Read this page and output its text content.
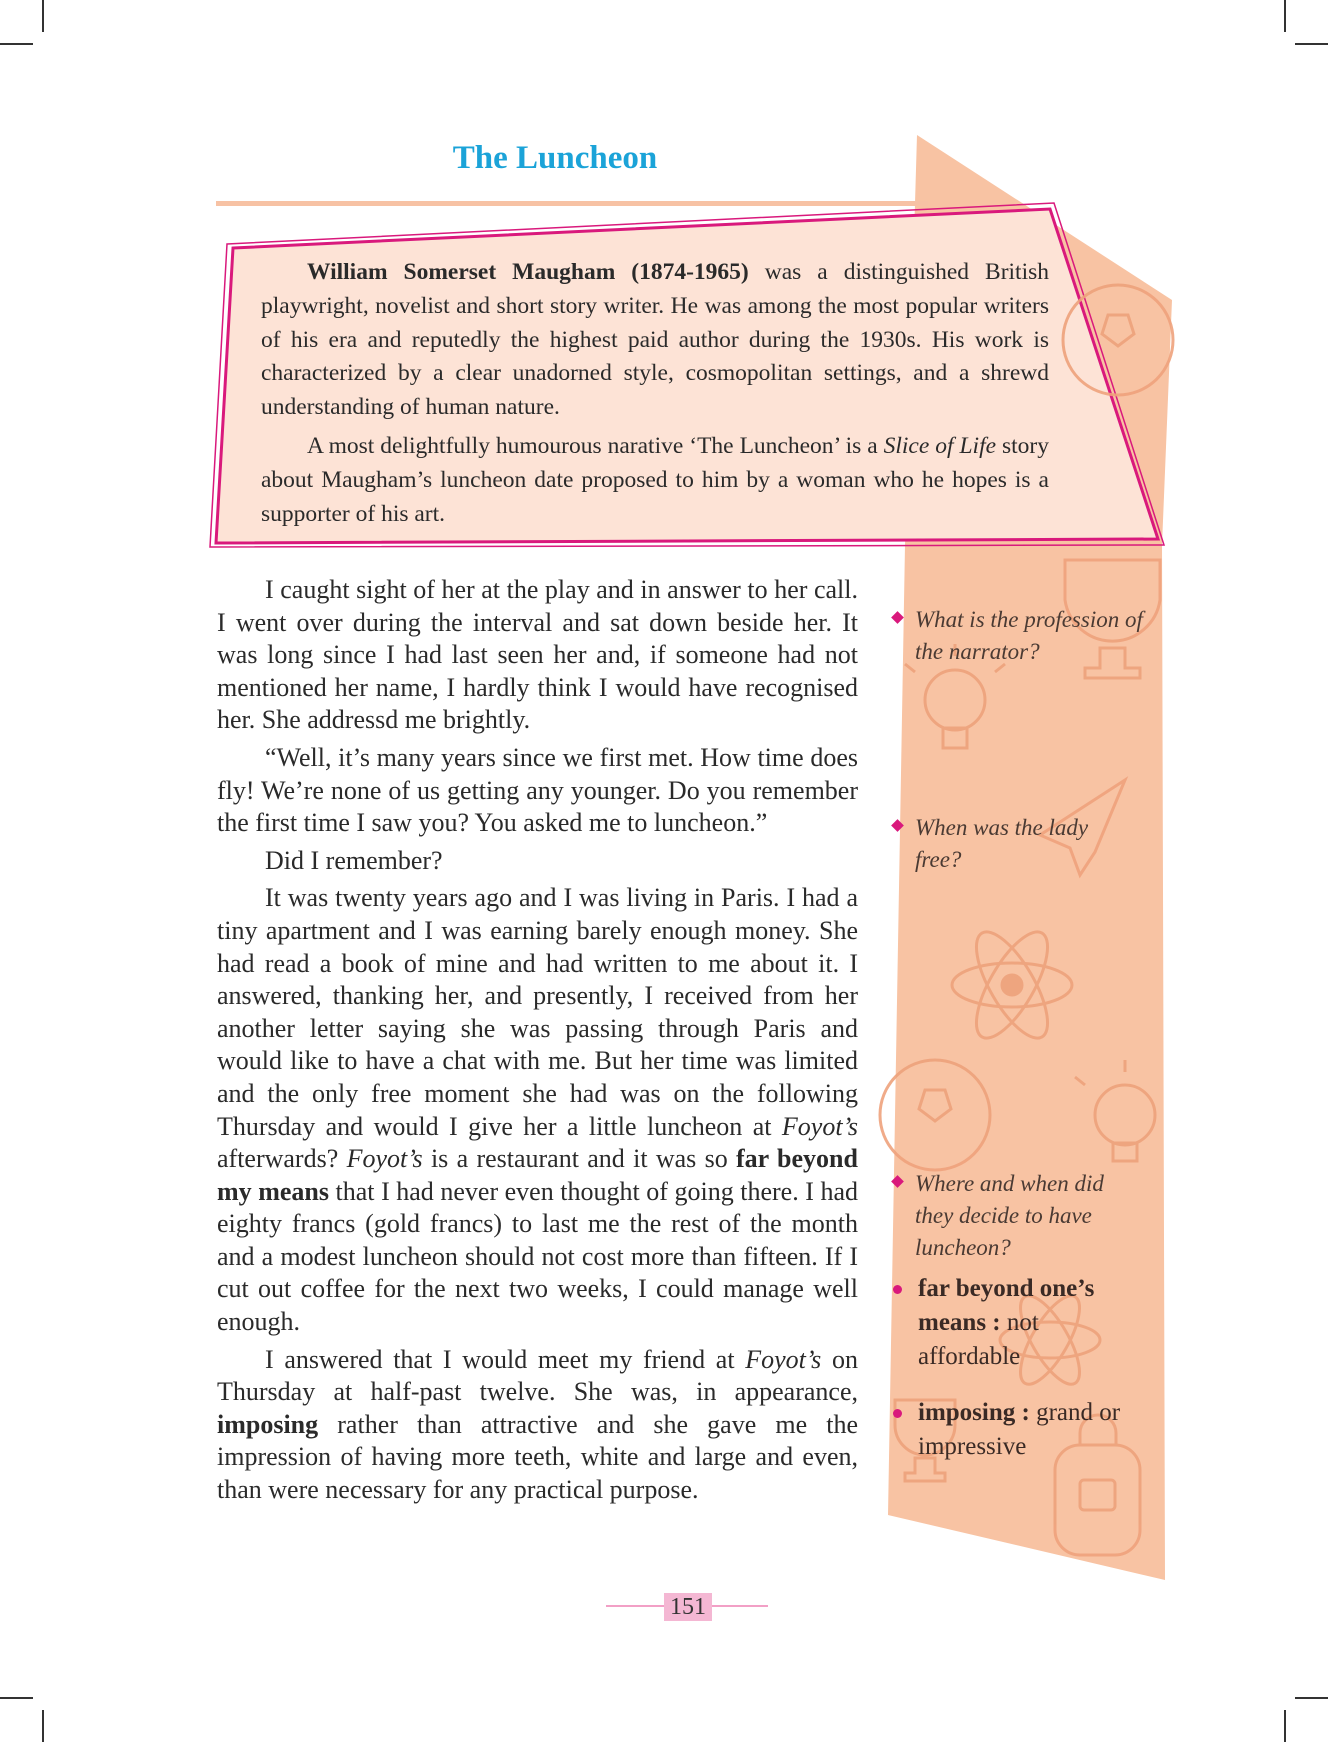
The Luncheon

William Somerset Maugham (1874-1965) was a distinguished British playwright, novelist and short story writer. He was among the most popular writers of his era and reputedly the highest paid author during the 1930s. His work is characterized by a clear unadorned style, cosmopolitan settings, and a shrewd understanding of human nature.

A most delightfully humourous narative ‘The Luncheon’ is a Slice of Life story about Maugham’s luncheon date proposed to him by a woman who he hopes is a supporter of his art.

I caught sight of her at the play and in answer to her call. I went over during the interval and sat down beside her. It was long since I had last seen her and, if someone had not mentioned her name, I hardly think I would have recognised her. She addressd me brightly.

“Well, it’s many years since we first met. How time does fly! We’re none of us getting any younger. Do you remember the first time I saw you? You asked me to luncheon.”

Did I remember?

It was twenty years ago and I was living in Paris. I had a tiny apartment and I was earning barely enough money. She had read a book of mine and had written to me about it. I answered, thanking her, and presently, I received from her another letter saying she was passing through Paris and would like to have a chat with me. But her time was limited and the only free moment she had was on the following Thursday and would I give her a little luncheon at Foyot’s afterwards? Foyot’s is a restaurant and it was so far beyond my means that I had never even thought of going there. I had eighty francs (gold francs) to last me the rest of the month and a modest luncheon should not cost more than fifteen. If I cut out coffee for the next two weeks, I could manage well enough.

I answered that I would meet my friend at Foyot’s on Thursday at half-past twelve. She was, in appearance, imposing rather than attractive and she gave me the impression of having more teeth, white and large and even, than were necessary for any practical purpose.

What is the profession of the narrator?
When was the lady free?
Where and when did they decide to have luncheon?
far beyond one’s means : not affordable
imposing : grand or impressive
151
